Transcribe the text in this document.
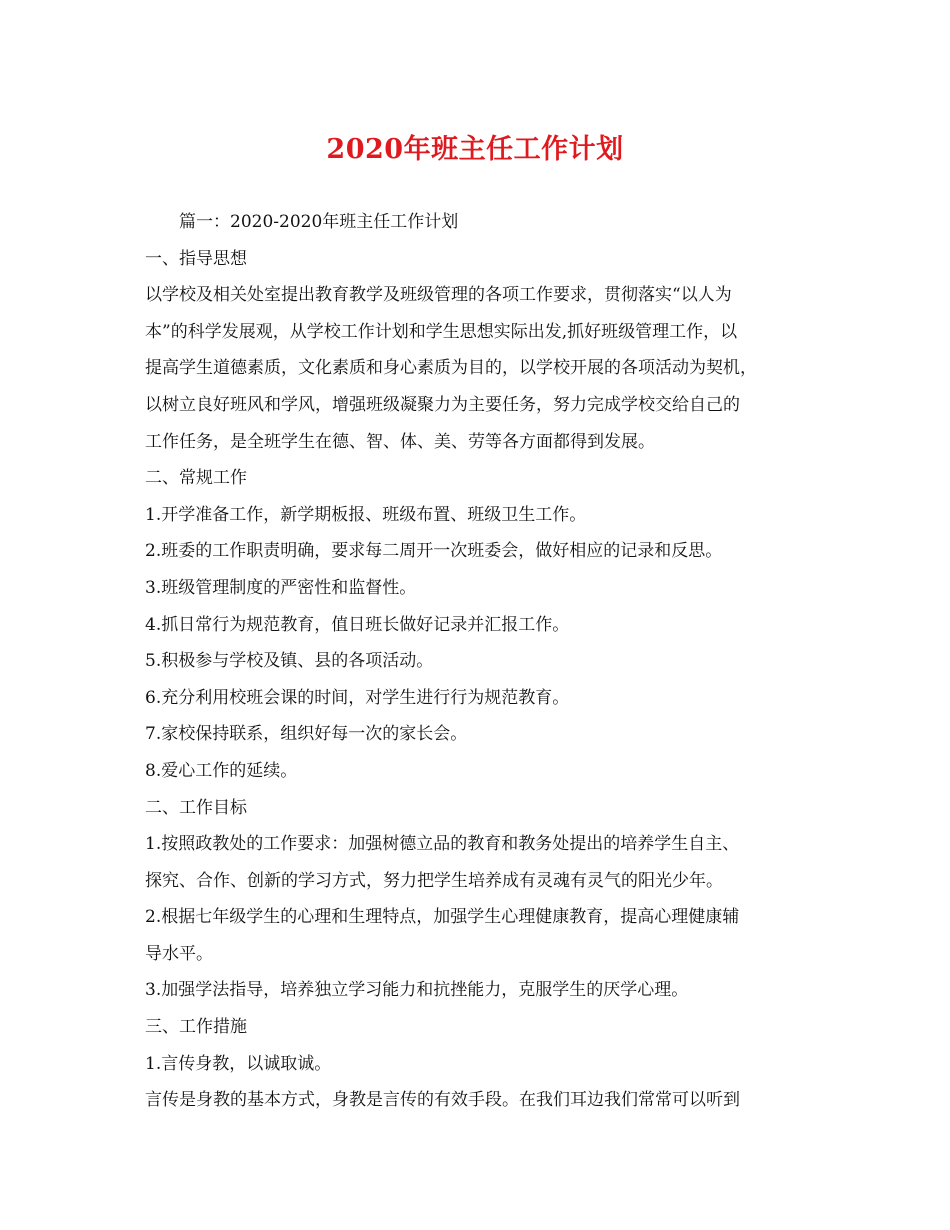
2020年班主任工作计划
篇一：2020-2020年班主任工作计划
一、指导思想
以学校及相关处室提出教育教学及班级管理的各项工作要求，贯彻落实“以人为
本”的科学发展观，从学校工作计划和学生思想实际出发,抓好班级管理工作，以
提高学生道德素质，文化素质和身心素质为目的，以学校开展的各项活动为契机，
以树立良好班风和学风，增强班级凝聚力为主要任务，努力完成学校交给自己的
工作任务，是全班学生在德、智、体、美、劳等各方面都得到发展。
二、常规工作
1.开学准备工作，新学期板报、班级布置、班级卫生工作。
2.班委的工作职责明确，要求每二周开一次班委会，做好相应的记录和反思。
3.班级管理制度的严密性和监督性。
4.抓日常行为规范教育，值日班长做好记录并汇报工作。
5.积极参与学校及镇、县的各项活动。
6.充分利用校班会课的时间，对学生进行行为规范教育。
7.家校保持联系，组织好每一次的家长会。
8.爱心工作的延续。
二、工作目标
1.按照政教处的工作要求：加强树德立品的教育和教务处提出的培养学生自主、
探究、合作、创新的学习方式，努力把学生培养成有灵魂有灵气的阳光少年。
2.根据七年级学生的心理和生理特点，加强学生心理健康教育，提高心理健康辅
导水平。
3.加强学法指导，培养独立学习能力和抗挫能力，克服学生的厌学心理。
三、工作措施
1.言传身教，以诚取诚。
言传是身教的基本方式，身教是言传的有效手段。在我们耳边我们常常可以听到
